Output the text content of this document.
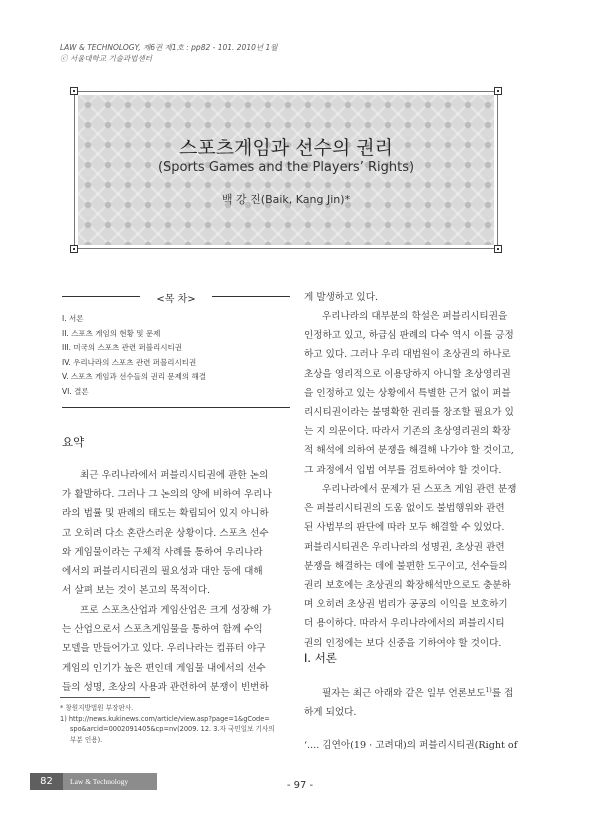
LAW & TECHNOLOGY, 제6권 제1호 : pp82 - 101. 2010년 1월
ⓒ 서울대학교 기술과법센터
스포츠게임과 선수의 권리
(Sports Games and the Players’ Rights)
백 강 진(Baik, Kang Jin)*
<목 차>
I. 서론
II. 스포츠 게임의 현황 및 문제
III. 미국의 스포츠 관련 퍼블리시티권
IV. 우리나라의 스포츠 관련 퍼블리시티권
V. 스포츠 게임과 선수들의 권리 문제의 해결
VI. 결론
요약

최근 우리나라에서 퍼블리시티권에 관한 논의
가 활발하다. 그러나 그 논의의 양에 비하여 우리나
라의 법률 및 판례의 태도는 확립되어 있지 아니하
고 오히려 다소 혼란스러운 상황이다. 스포츠 선수
와 게임물이라는 구체적 사례를 통하여 우리나라
에서의 퍼블리시티권의 필요성과 대안 등에 대해
서 살펴 보는 것이 본고의 목적이다.

프로 스포츠산업과 게임산업은 크게 성장해 가
는 산업으로서 스포츠게임물을 통하여 함께 수익
모델을 만들어가고 있다. 우리나라는 컴퓨터 야구
게임의 인기가 높은 편인데 게임물 내에서의 선수
들의 성명, 초상의 사용과 관련하여 분쟁이 빈번하

게 발생하고 있다.

우리나라의 대부분의 학설은 퍼블리시티권을
인정하고 있고, 하급심 판례의 다수 역시 이를 긍정
하고 있다. 그러나 우리 대법원이 초상권의 하나로
초상을 영리적으로 이용당하지 아니할 초상영리권
을 인정하고 있는 상황에서 특별한 근거 없이 퍼블
리시티권이라는 불명확한 권리를 창조할 필요가 있
는 지 의문이다. 따라서 기존의 초상영리권의 확장
적 해석에 의하여 분쟁을 해결해 나가야 할 것이고,
그 과정에서 입법 여부를 검토하여야 할 것이다.

우리나라에서 문제가 된 스포츠 게임 관련 분쟁
은 퍼블리시티권의 도움 없이도 불법행위와 관련
된 사법부의 판단에 따라 모두 해결할 수 있었다.
퍼블리시티권은 우리나라의 성명권, 초상권 관련
분쟁을 해결하는 데에 불편한 도구이고, 선수들의
권리 보호에는 초상권의 확장해석만으로도 충분하
며 오히려 초상권 법리가 공공의 이익을 보호하기
더 용이하다. 따라서 우리나라에서의 퍼블리시티
권의 인정에는 보다 신중을 기하여야 할 것이다.

I. 서론

필자는 최근 아래와 같은 일부 언론보도$^{1)}$를 접
하게 되었다.

‘.... 김연아(19 · 고려대)의 퍼블리시티권(Right of

* 창원지방법원 부장판사.

1) http://news.kukinews.com/article/view.asp?page=1&gCode=

spo&arcid=0002091405&cp=nv(2009. 12. 3.자 국민일보 기사의

부분 인용).

82	Law & Technology	- 97 -
